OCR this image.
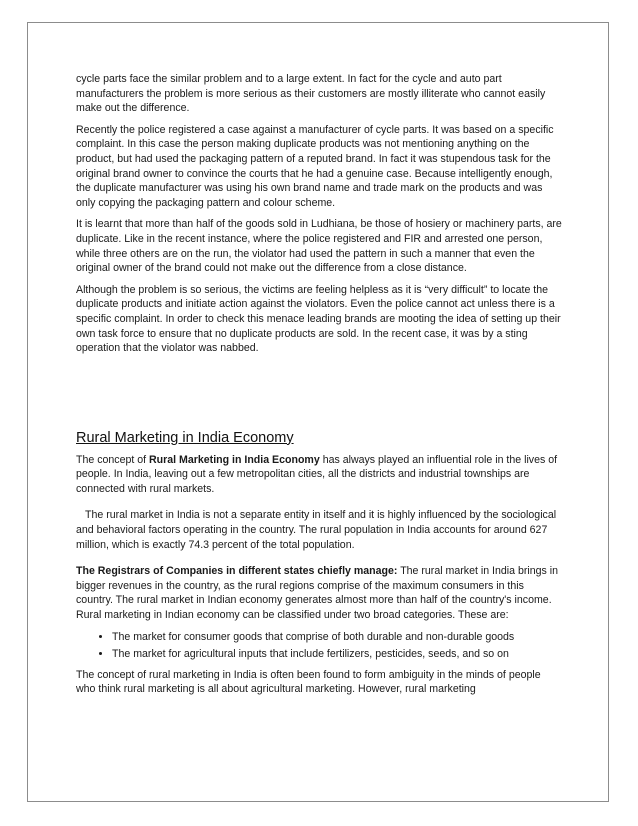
cycle parts face the similar problem and to a large extent. In fact for the cycle and auto part manufacturers the problem is more serious as their customers are mostly illiterate who cannot easily make out the difference.

Recently the police registered a case against a manufacturer of cycle parts. It was based on a specific complaint. In this case the person making duplicate products was not mentioning anything on the product, but had used the packaging pattern of a reputed brand. In fact it was stupendous task for the original brand owner to convince the courts that he had a genuine case. Because intelligently enough, the duplicate manufacturer was using his own brand name and trade mark on the products and was only copying the packaging pattern and colour scheme.

It is learnt that more than half of the goods sold in Ludhiana, be those of hosiery or machinery parts, are duplicate. Like in the recent instance, where the police registered and FIR and arrested one person, while three others are on the run, the violator had used the pattern in such a manner that even the original owner of the brand could not make out the difference from a close distance.

Although the problem is so serious, the victims are feeling helpless as it is “very difficult” to locate the duplicate products and initiate action against the violators. Even the police cannot act unless there is a specific complaint. In order to check this menace leading brands are mooting the idea of setting up their own task force to ensure that no duplicate products are sold. In the recent case, it was by a sting operation that the violator was nabbed.

Rural Marketing in India Economy

The concept of Rural Marketing in India Economy has always played an influential role in the lives of people. In India, leaving out a few metropolitan cities, all the districts and industrial townships are connected with rural markets.

The rural market in India is not a separate entity in itself and it is highly influenced by the sociological and behavioral factors operating in the country. The rural population in India accounts for around 627 million, which is exactly 74.3 percent of the total population.

The Registrars of Companies in different states chiefly manage: The rural market in India brings in bigger revenues in the country, as the rural regions comprise of the maximum consumers in this country. The rural market in Indian economy generates almost more than half of the country's income. Rural marketing in Indian economy can be classified under two broad categories. These are:

• The market for consumer goods that comprise of both durable and non-durable goods
• The market for agricultural inputs that include fertilizers, pesticides, seeds, and so on

The concept of rural marketing in India is often been found to form ambiguity in the minds of people who think rural marketing is all about agricultural marketing. However, rural marketing
